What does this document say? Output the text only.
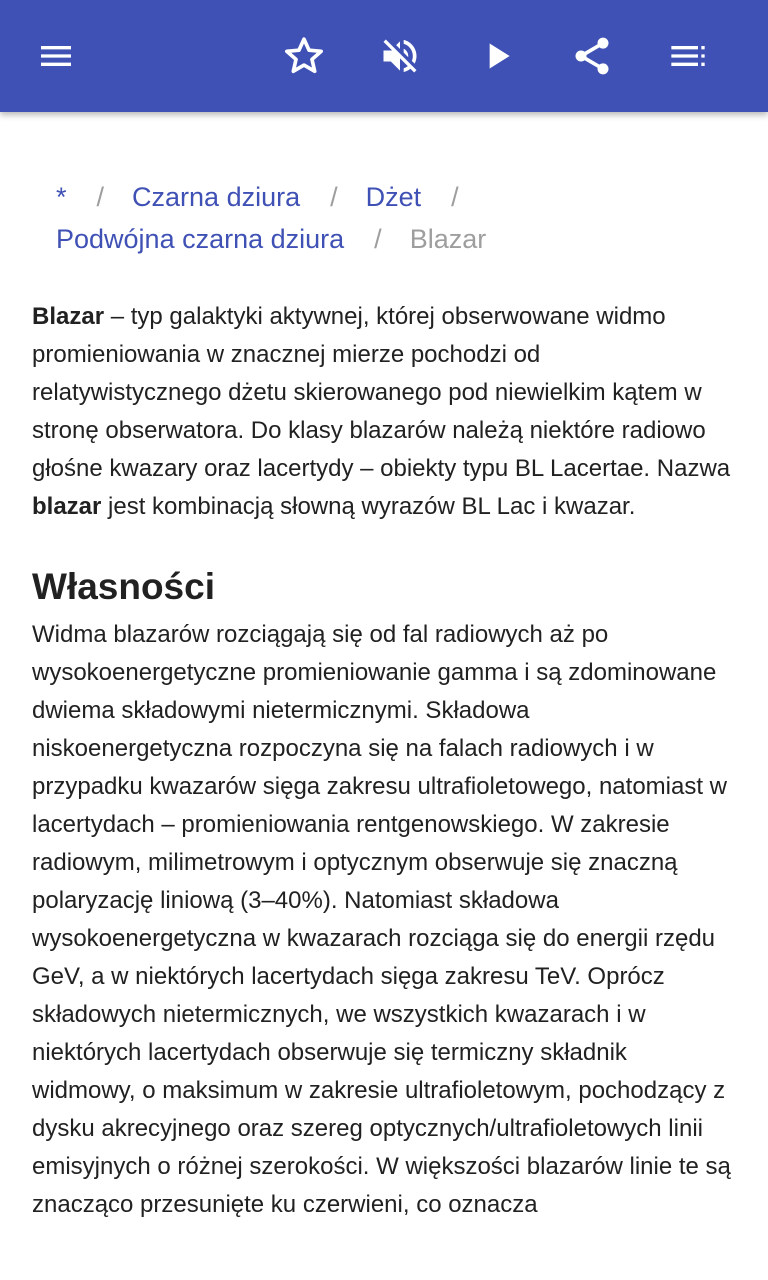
* / Czarna dziura / Dżet /
Podwójna czarna dziura / Blazar

Blazar – typ galaktyki aktywnej, której obserwowane widmo promieniowania w znacznej mierze pochodzi od relatywistycznego dżetu skierowanego pod niewielkim kątem w stronę obserwatora. Do klasy blazarów należą niektóre radiowo głośne kwazary oraz lacertydy – obiekty typu BL Lacertae. Nazwa blazar jest kombinacją słowną wyrazów BL Lac i kwazar.

Własności

Widma blazarów rozciągają się od fal radiowych aż po wysokoenergetyczne promieniowanie gamma i są zdominowane dwiema składowymi nietermicznymi. Składowa niskoenergetyczna rozpoczyna się na falach radiowych i w przypadku kwazarów sięga zakresu ultrafioletowego, natomiast w lacertydach – promieniowania rentgenowskiego. W zakresie radiowym, milimetrowym i optycznym obserwuje się znaczną polaryzację liniową (3–40%). Natomiast składowa wysokoenergetyczna w kwazarach rozciąga się do energii rzędu GeV, a w niektórych lacertydach sięga zakresu TeV. Oprócz składowych nietermicznych, we wszystkich kwazarach i w niektórych lacertydach obserwuje się termiczny składnik widmowy, o maksimum w zakresie ultrafioletowym, pochodzący z dysku akrecyjnego oraz szereg optycznych/ultrafioletowych linii emisyjnych o różnej szerokości. W większości blazarów linie te są znacząco przesunięte ku czerwieni, co oznacza
